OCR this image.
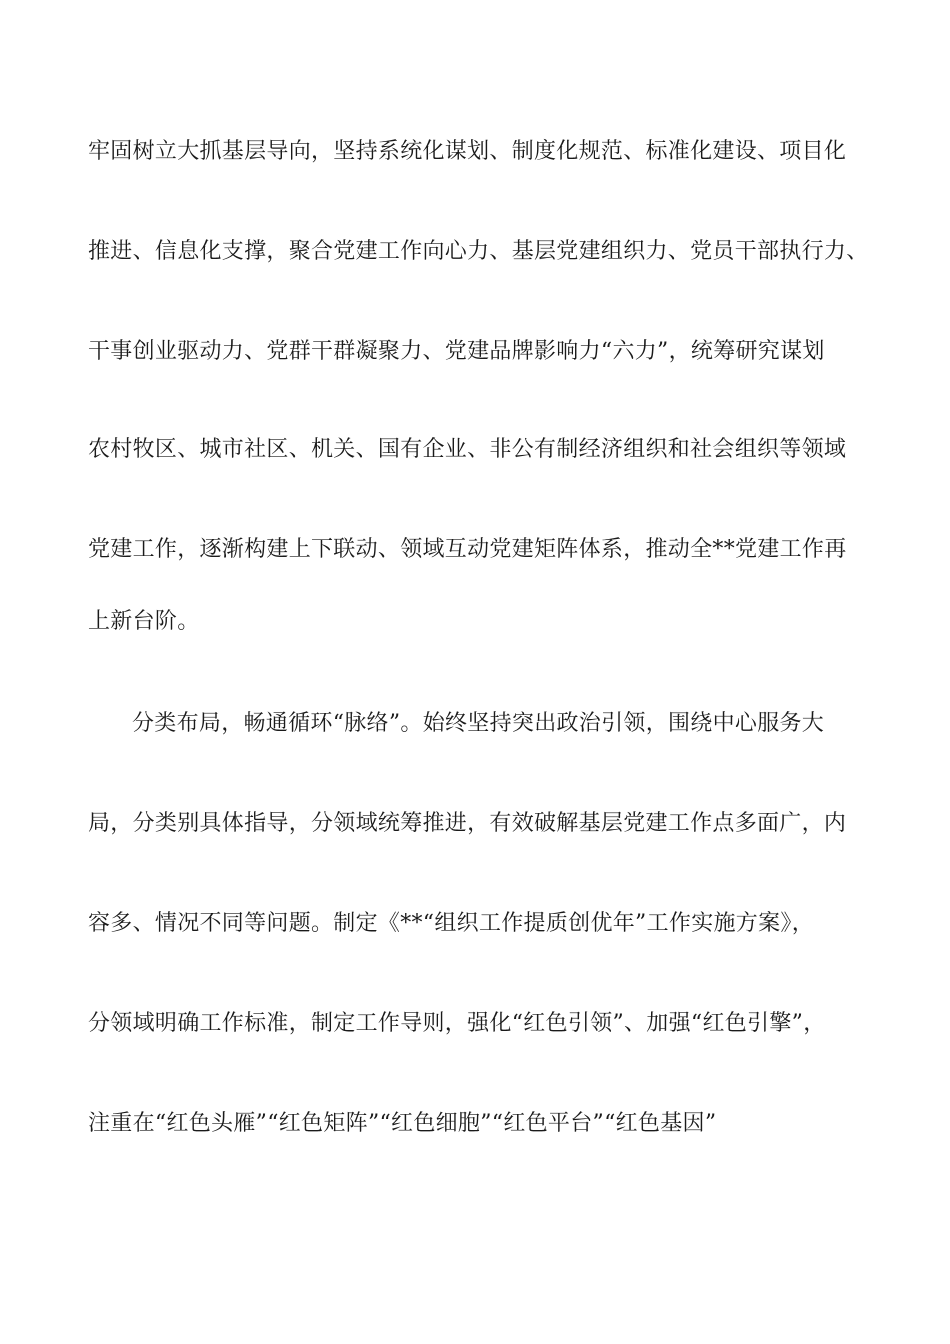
牢固树立大抓基层导向，坚持系统化谋划、制度化规范、标准化建设、项目化
推进、信息化支撑，聚合党建工作向心力、基层党建组织力、党员干部执行力、
干事创业驱动力、党群干群凝聚力、党建品牌影响力“六力”，统筹研究谋划
农村牧区、城市社区、机关、国有企业、非公有制经济组织和社会组织等领域
党建工作，逐渐构建上下联动、领域互动党建矩阵体系，推动全**党建工作再
上新台阶。
分类布局，畅通循环“脉络”。始终坚持突出政治引领，围绕中心服务大
局，分类别具体指导，分领域统筹推进，有效破解基层党建工作点多面广，内
容多、情况不同等问题。制定《**“组织工作提质创优年”工作实施方案》，
分领域明确工作标准，制定工作导则，强化“红色引领”、加强“红色引擎”，
注重在“红色头雁”“红色矩阵”“红色细胞”“红色平台”“红色基因”
